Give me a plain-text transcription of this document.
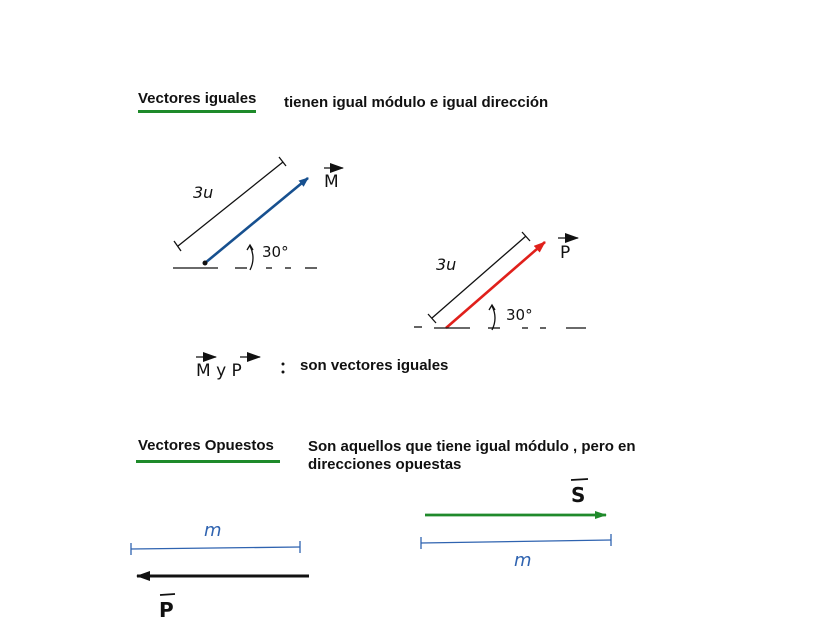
Vectores iguales tienen igual módulo e igual dirección
son vectores iguales
Vectores Opuestos Son aquellos que tiene igual módulo , pero en
direcciones opuestas
3u
M
30°
3u
P
30°
M y P
m
P
S
m
